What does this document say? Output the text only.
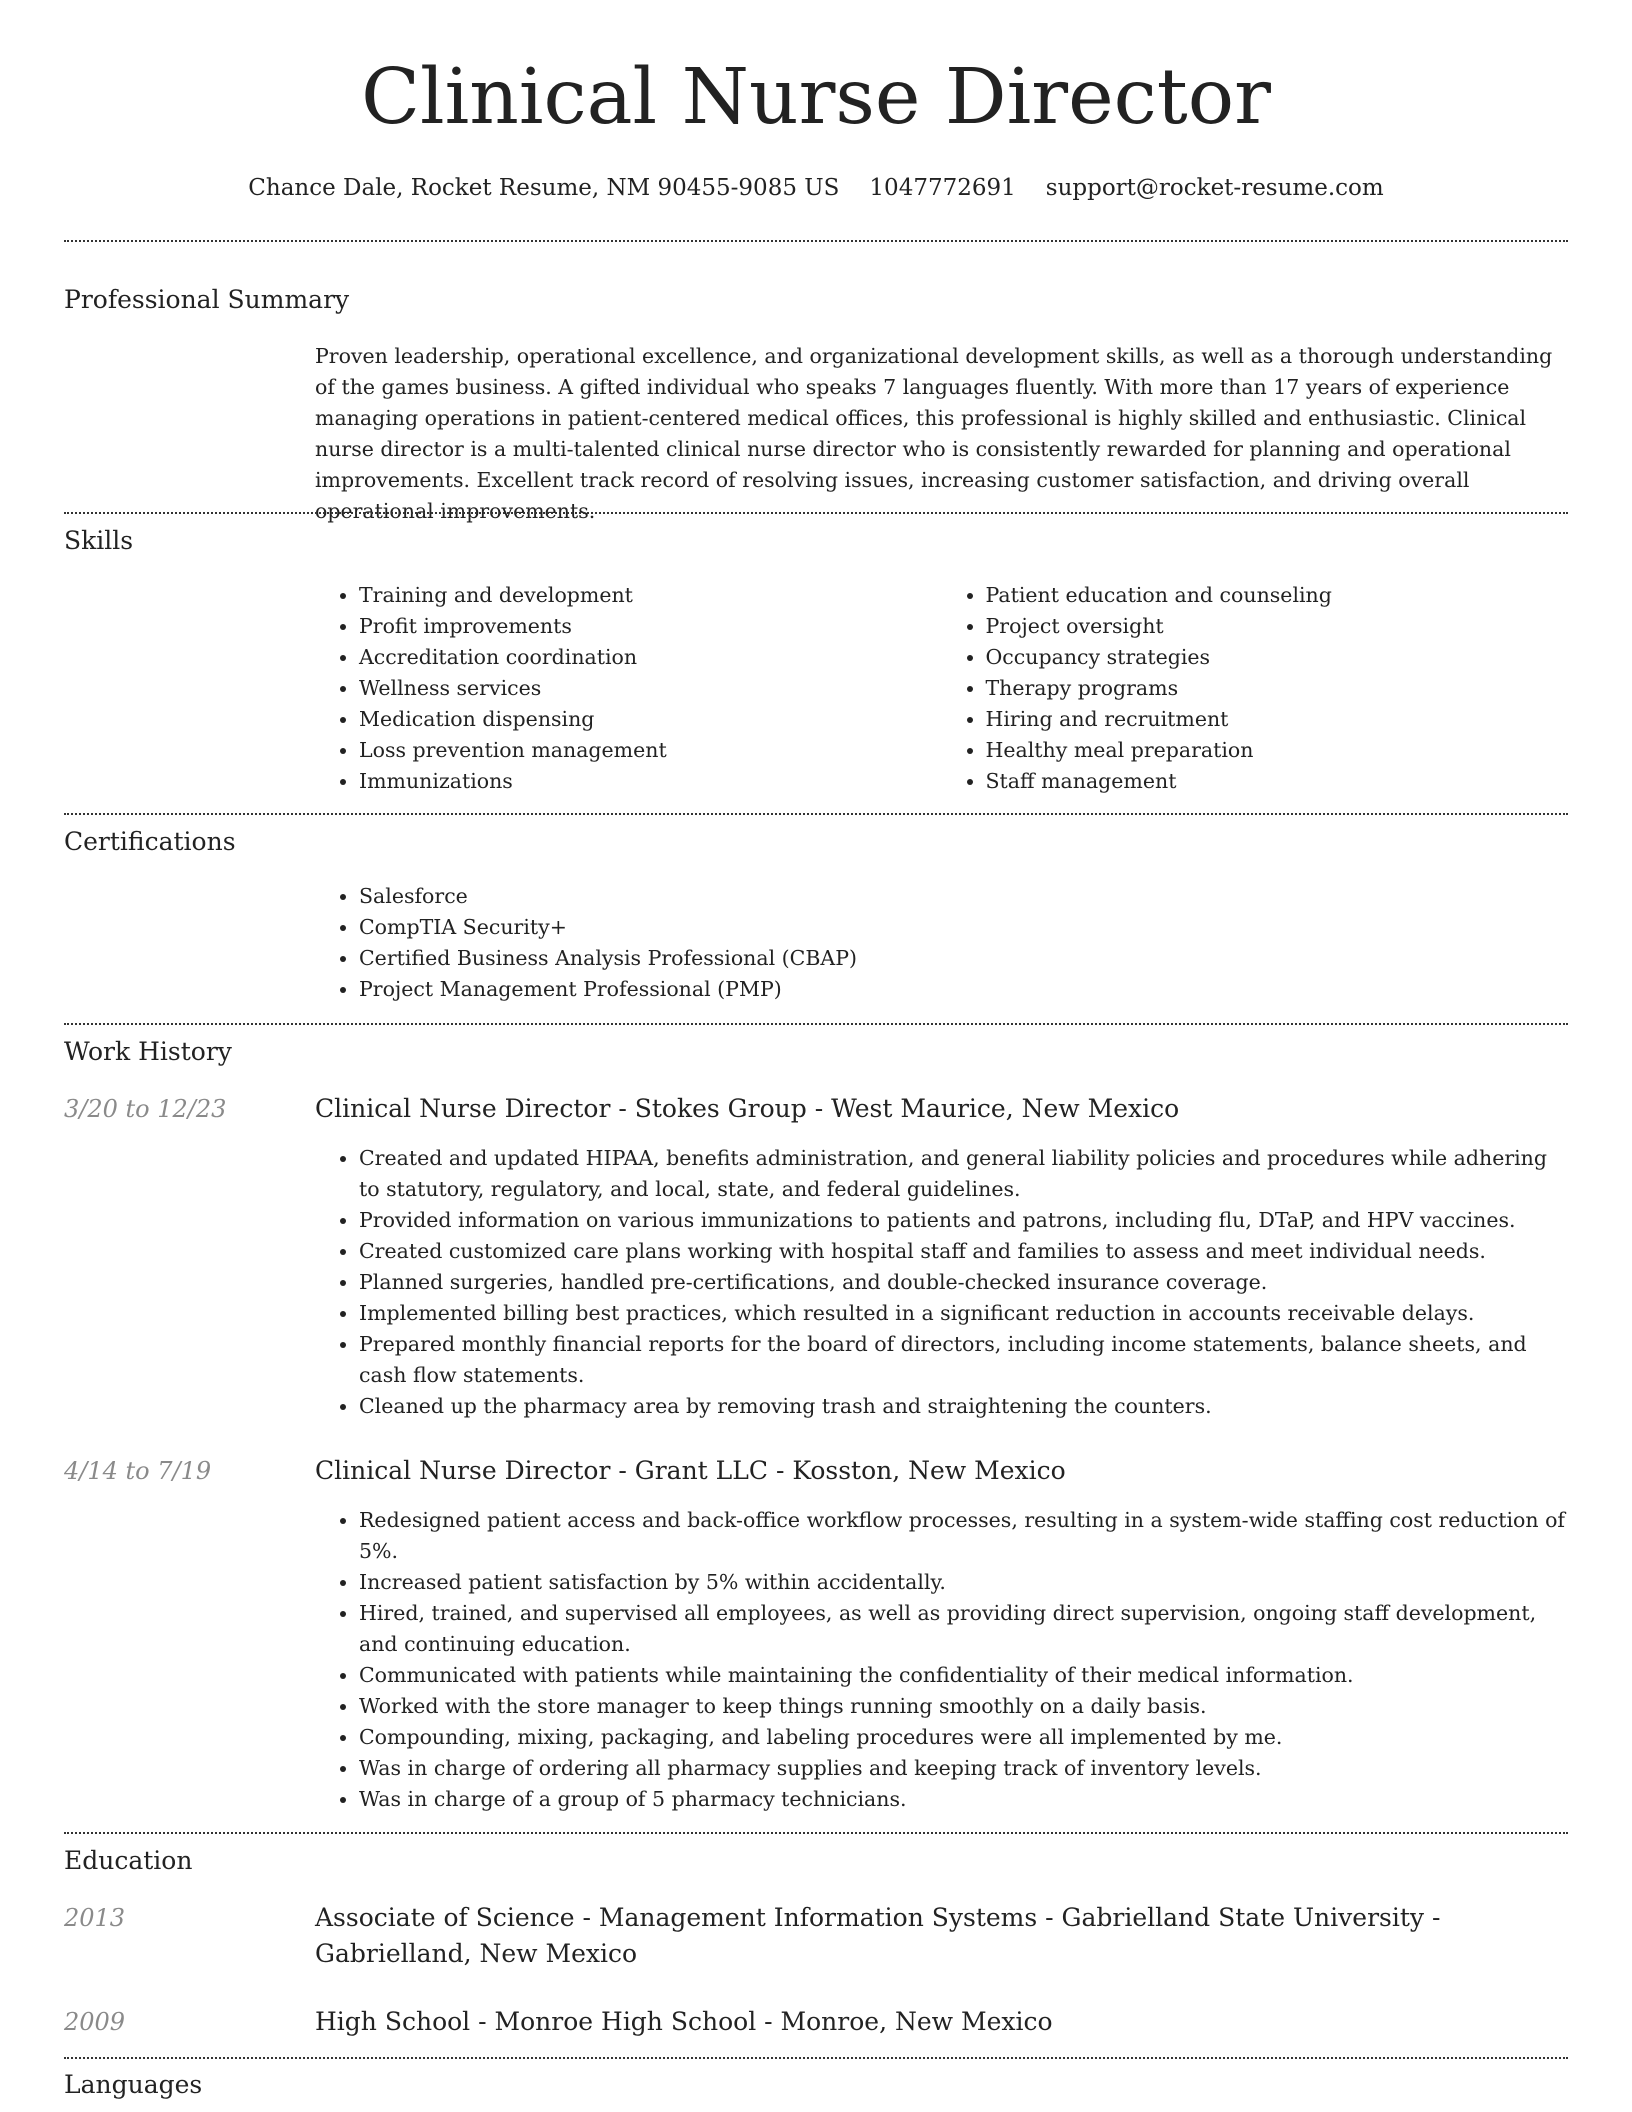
Clinical Nurse Director
Chance Dale, Rocket Resume, NM 90455-9085 US 1047772691 support@rocket-resume.com
Professional Summary

Proven leadership, operational excellence, and organizational development skills, as well as a thorough understanding of the games business. A gifted individual who speaks 7 languages fluently. With more than 17 years of experience managing operations in patient-centered medical offices, this professional is highly skilled and enthusiastic. Clinical nurse director is a multi-talented clinical nurse director who is consistently rewarded for planning and operational improvements. Excellent track record of resolving issues, increasing customer satisfaction, and driving overall operational improvements.

Skills
• Training and development
• Profit improvements
• Accreditation coordination
• Wellness services
• Medication dispensing
• Loss prevention management
• Immunizations
• Patient education and counseling
• Project oversight
• Occupancy strategies
• Therapy programs
• Hiring and recruitment
• Healthy meal preparation
• Staff management
Certifications
• Salesforce
• CompTIA Security+
• Certified Business Analysis Professional (CBAP)
• Project Management Professional (PMP)
Work History
3/20 to 12/23	Clinical Nurse Director - Stokes Group - West Maurice, New Mexico
• Created and updated HIPAA, benefits administration, and general liability policies and procedures while adhering to statutory, regulatory, and local, state, and federal guidelines.
• Provided information on various immunizations to patients and patrons, including flu, DTaP, and HPV vaccines.
• Created customized care plans working with hospital staff and families to assess and meet individual needs.
• Planned surgeries, handled pre-certifications, and double-checked insurance coverage.
• Implemented billing best practices, which resulted in a significant reduction in accounts receivable delays.
• Prepared monthly financial reports for the board of directors, including income statements, balance sheets, and cash flow statements.
• Cleaned up the pharmacy area by removing trash and straightening the counters.
4/14 to 7/19	Clinical Nurse Director - Grant LLC - Kosston, New Mexico
• Redesigned patient access and back-office workflow processes, resulting in a system-wide staffing cost reduction of 5%.
• Increased patient satisfaction by 5% within accidentally.
• Hired, trained, and supervised all employees, as well as providing direct supervision, ongoing staff development, and continuing education.
• Communicated with patients while maintaining the confidentiality of their medical information.
• Worked with the store manager to keep things running smoothly on a daily basis.
• Compounding, mixing, packaging, and labeling procedures were all implemented by me.
• Was in charge of ordering all pharmacy supplies and keeping track of inventory levels.
• Was in charge of a group of 5 pharmacy technicians.
Education
2013	Associate of Science - Management Information Systems - Gabrielland State University - Gabrielland, New Mexico
2009	High School - Monroe High School - Monroe, New Mexico
Languages
